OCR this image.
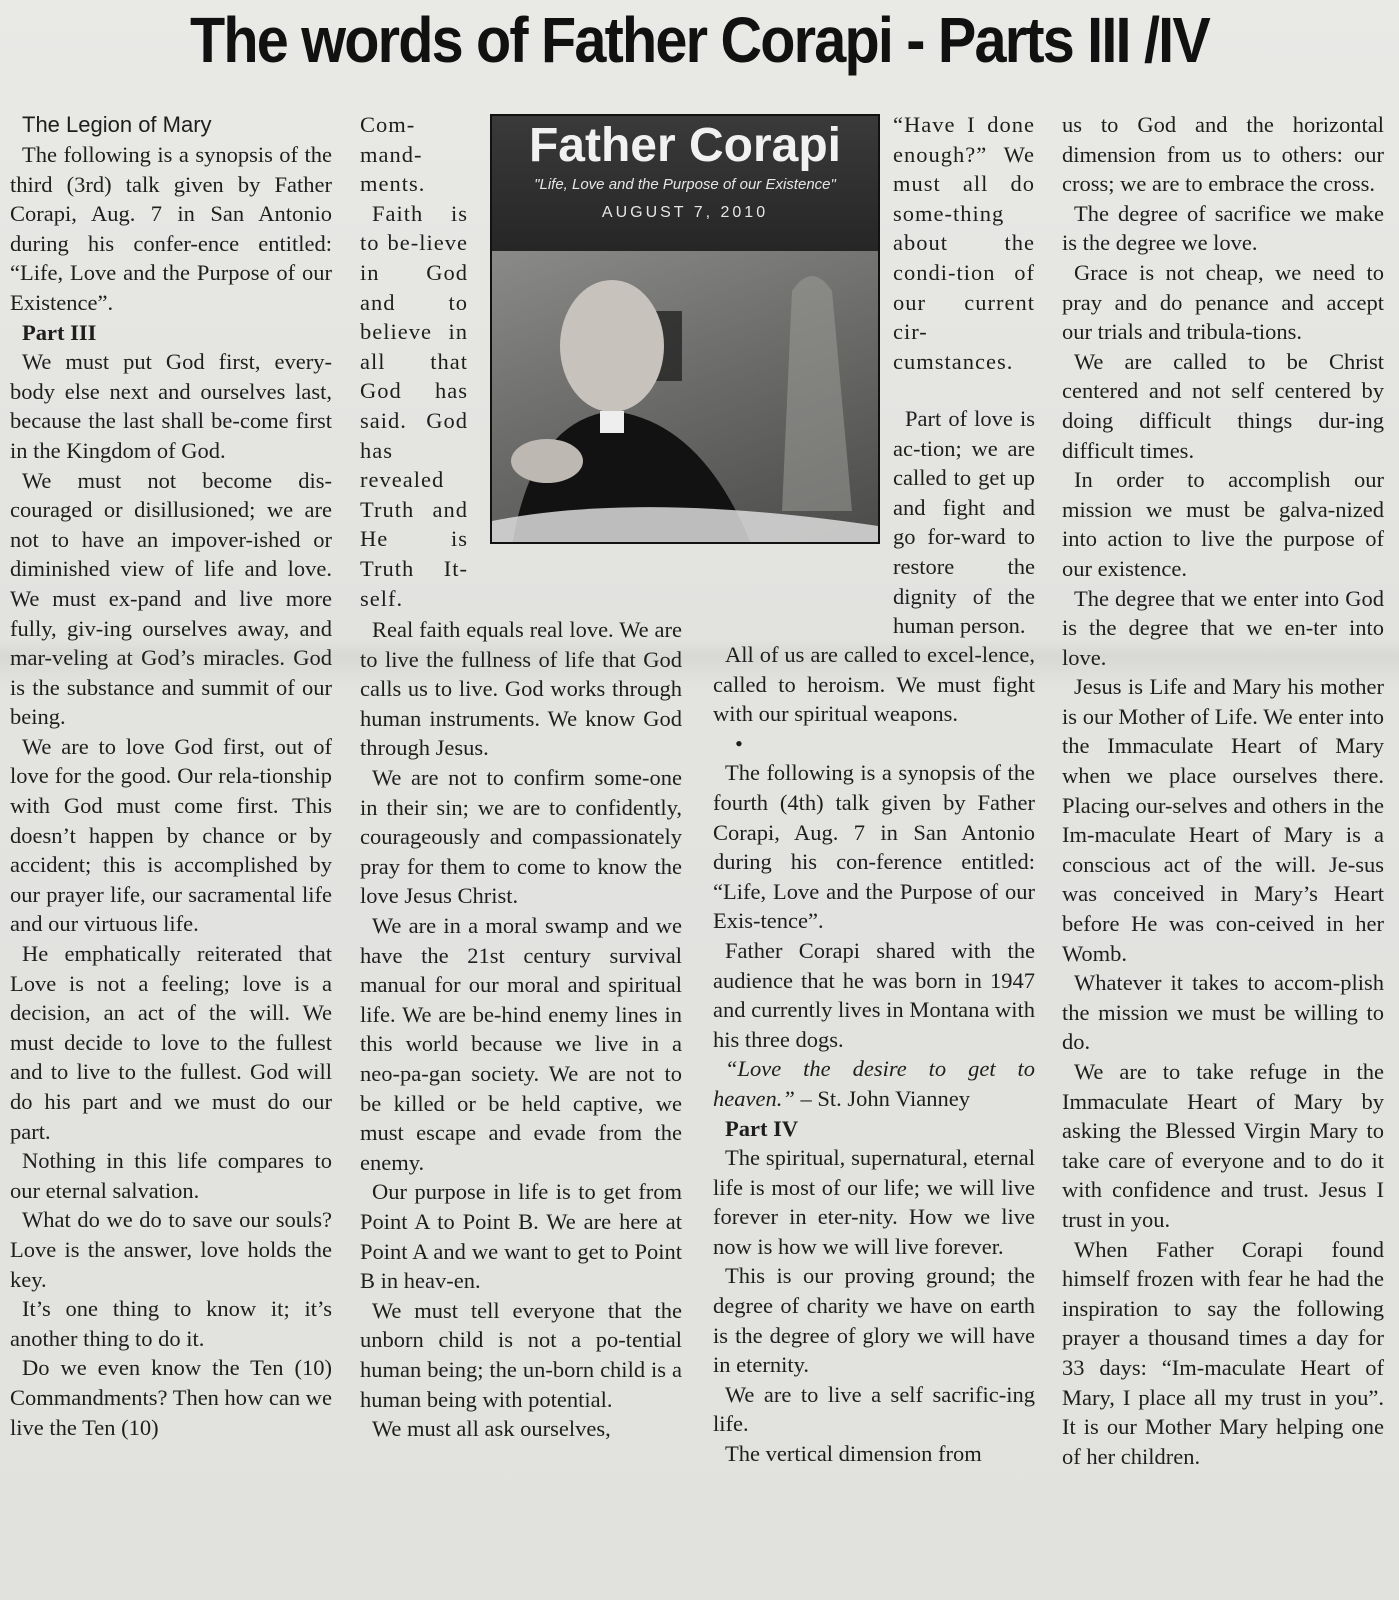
The words of Father Corapi - Parts III /IV

The Legion of Mary

The following is a synopsis of the third (3rd) talk given by Father Corapi, Aug. 7 in San Antonio during his confer-ence entitled: “Life, Love and the Purpose of our Existence”.

Part III

We must put God first, every-body else next and ourselves last, because the last shall be-come first in the Kingdom of God.

We must not become dis-couraged or disillusioned; we are not to have an impover-ished or diminished view of life and love. We must ex-pand and live more fully, giv-ing ourselves away, and mar-veling at God’s miracles. God is the substance and summit of our being.

We are to love God first, out of love for the good. Our rela-tionship with God must come first. This doesn’t happen by chance or by accident; this is accomplished by our prayer life, our sacramental life and our virtuous life.

He emphatically reiterated that Love is not a feeling; love is a decision, an act of the will. We must decide to love to the fullest and to live to the fullest. God will do his part and we must do our part.

Nothing in this life compares to our eternal salvation.

What do we do to save our souls? Love is the answer, love holds the key.

It’s one thing to know it; it’s another thing to do it.

Do we even know the Ten (10) Commandments? Then how can we live the Ten (10)

Com-mand-ments.

Faith is to be-lieve in God and to believe in all that God has said. God has revealed Truth and He is Truth It-self.

Real faith equals real love. We are to live the fullness of life that God calls us to live. God works through human instruments. We know God through Jesus.

We are not to confirm some-one in their sin; we are to confidently, courageously and compassionately pray for them to come to know the love Jesus Christ.

We are in a moral swamp and we have the 21st century survival manual for our moral and spiritual life. We are be-hind enemy lines in this world because we live in a neo-pa-gan society. We are not to be killed or be held captive, we must escape and evade from the enemy.

Our purpose in life is to get from Point A to Point B. We are here at Point A and we want to get to Point B in heav-en.

We must tell everyone that the unborn child is not a po-tential human being; the un-born child is a human being with potential.

We must all ask ourselves,

Father Corapi
"Life, Love and the Purpose of our Existence"
AUGUST 7, 2010

“Have I done enough?” We must all do some-thing about the condi-tion of our current cir-cumstances.

Part of love is ac-tion; we are called to get up and fight and go for-ward to restore the dignity of the human person.

All of us are called to excel-lence, called to heroism. We must fight with our spiritual weapons.

•

The following is a synopsis of the fourth (4th) talk given by Father Corapi, Aug. 7 in San Antonio during his con-ference entitled: “Life, Love and the Purpose of our Exis-tence”.

Father Corapi shared with the audience that he was born in 1947 and currently lives in Montana with his three dogs.

“Love the desire to get to heaven.” – St. John Vianney

Part IV

The spiritual, supernatural, eternal life is most of our life; we will live forever in eter-nity. How we live now is how we will live forever.

This is our proving ground; the degree of charity we have on earth is the degree of glory we will have in eternity.

We are to live a self sacrific-ing life.

The vertical dimension from

us to God and the horizontal dimension from us to others: our cross; we are to embrace the cross.

The degree of sacrifice we make is the degree we love.

Grace is not cheap, we need to pray and do penance and accept our trials and tribula-tions.

We are called to be Christ centered and not self centered by doing difficult things dur-ing difficult times.

In order to accomplish our mission we must be galva-nized into action to live the purpose of our existence.

The degree that we enter into God is the degree that we en-ter into love.

Jesus is Life and Mary his mother is our Mother of Life. We enter into the Immaculate Heart of Mary when we place ourselves there. Placing our-selves and others in the Im-maculate Heart of Mary is a conscious act of the will. Je-sus was conceived in Mary’s Heart before He was con-ceived in her Womb.

Whatever it takes to accom-plish the mission we must be willing to do.

We are to take refuge in the Immaculate Heart of Mary by asking the Blessed Virgin Mary to take care of everyone and to do it with confidence and trust. Jesus I trust in you.

When Father Corapi found himself frozen with fear he had the inspiration to say the following prayer a thousand times a day for 33 days: “Im-maculate Heart of Mary, I place all my trust in you”. It is our Mother Mary helping one of her children.
